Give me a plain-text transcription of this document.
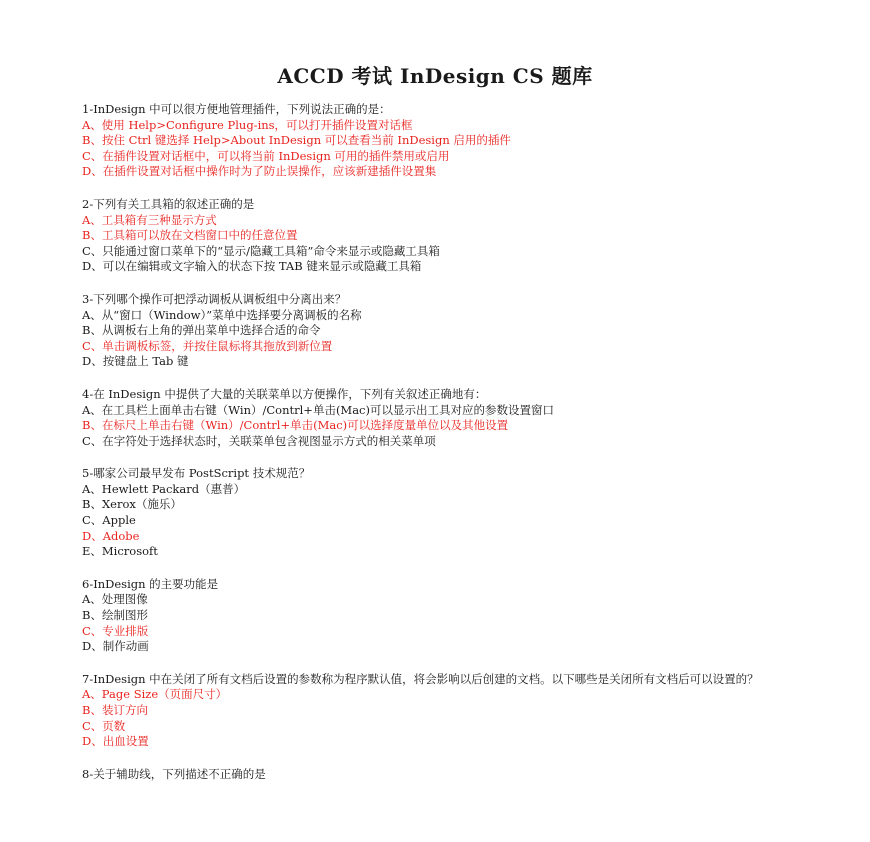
ACCD 考试 InDesign CS 题库
1-InDesign 中可以很方便地管理插件，下列说法正确的是：
A、使用 Help>Configure Plug-ins，可以打开插件设置对话框
B、按住 Ctrl 键选择 Help>About InDesign 可以查看当前 InDesign 启用的插件
C、在插件设置对话框中，可以将当前 InDesign 可用的插件禁用或启用
D、在插件设置对话框中操作时为了防止误操作，应该新建插件设置集
2-下列有关工具箱的叙述正确的是
A、工具箱有三种显示方式
B、工具箱可以放在文档窗口中的任意位置
C、只能通过窗口菜单下的“显示/隐藏工具箱”命令来显示或隐藏工具箱
D、可以在编辑或文字输入的状态下按 TAB 键来显示或隐藏工具箱
3-下列哪个操作可把浮动调板从调板组中分离出来？
A、从“窗口（Window）”菜单中选择要分离调板的名称
B、从调板右上角的弹出菜单中选择合适的命令
C、单击调板标签，并按住鼠标将其拖放到新位置
D、按键盘上 Tab 键
4-在 InDesign 中提供了大量的关联菜单以方便操作，下列有关叙述正确地有：
A、在工具栏上面单击右键（Win）/Contrl+单击(Mac)可以显示出工具对应的参数设置窗口
B、在标尺上单击右键（Win）/Contrl+单击(Mac)可以选择度量单位以及其他设置
C、在字符处于选择状态时，关联菜单包含视图显示方式的相关菜单项
5-哪家公司最早发布 PostScript 技术规范？
A、Hewlett Packard（惠普）
B、Xerox（施乐）
C、Apple
D、Adobe
E、Microsoft
6-InDesign 的主要功能是
A、处理图像
B、绘制图形
C、专业排版
D、制作动画
7-InDesign 中在关闭了所有文档后设置的参数称为程序默认值，将会影响以后创建的文档。以下哪些是关闭所有文档后可以设置的？
A、Page Size（页面尺寸）
B、装订方向
C、页数
D、出血设置
8-关于辅助线，下列描述不正确的是
